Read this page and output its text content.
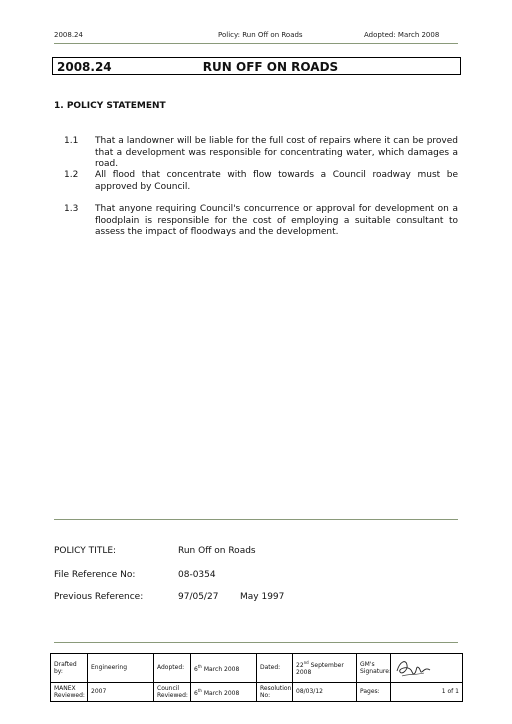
2008.24	Policy: Run Off on Roads	Adopted: March 2008
2008.24	RUN OFF ON ROADS
1. POLICY STATEMENT
1.1 That a landowner will be liable for the full cost of repairs where it can be proved that a development was responsible for concentrating water, which damages a road.
1.2 All flood that concentrate with flow towards a Council roadway must be approved by Council.
1.3 That anyone requiring Council's concurrence or approval for development on a floodplain is responsible for the cost of employing a suitable consultant to assess the impact of floodways and the development.
POLICY TITLE:	Run Off on Roads
File Reference No:	08-0354
Previous Reference:	97/05/27 May 1997
Drafted by:	Engineering	Adopted:	6th March 2008	Dated:	22nd September 2008	GM's Signature:	

MANEX Reviewed:	2007	Council Reviewed:	6th March 2008	Resolution No:	08/03/12	Pages:	1 of 1
